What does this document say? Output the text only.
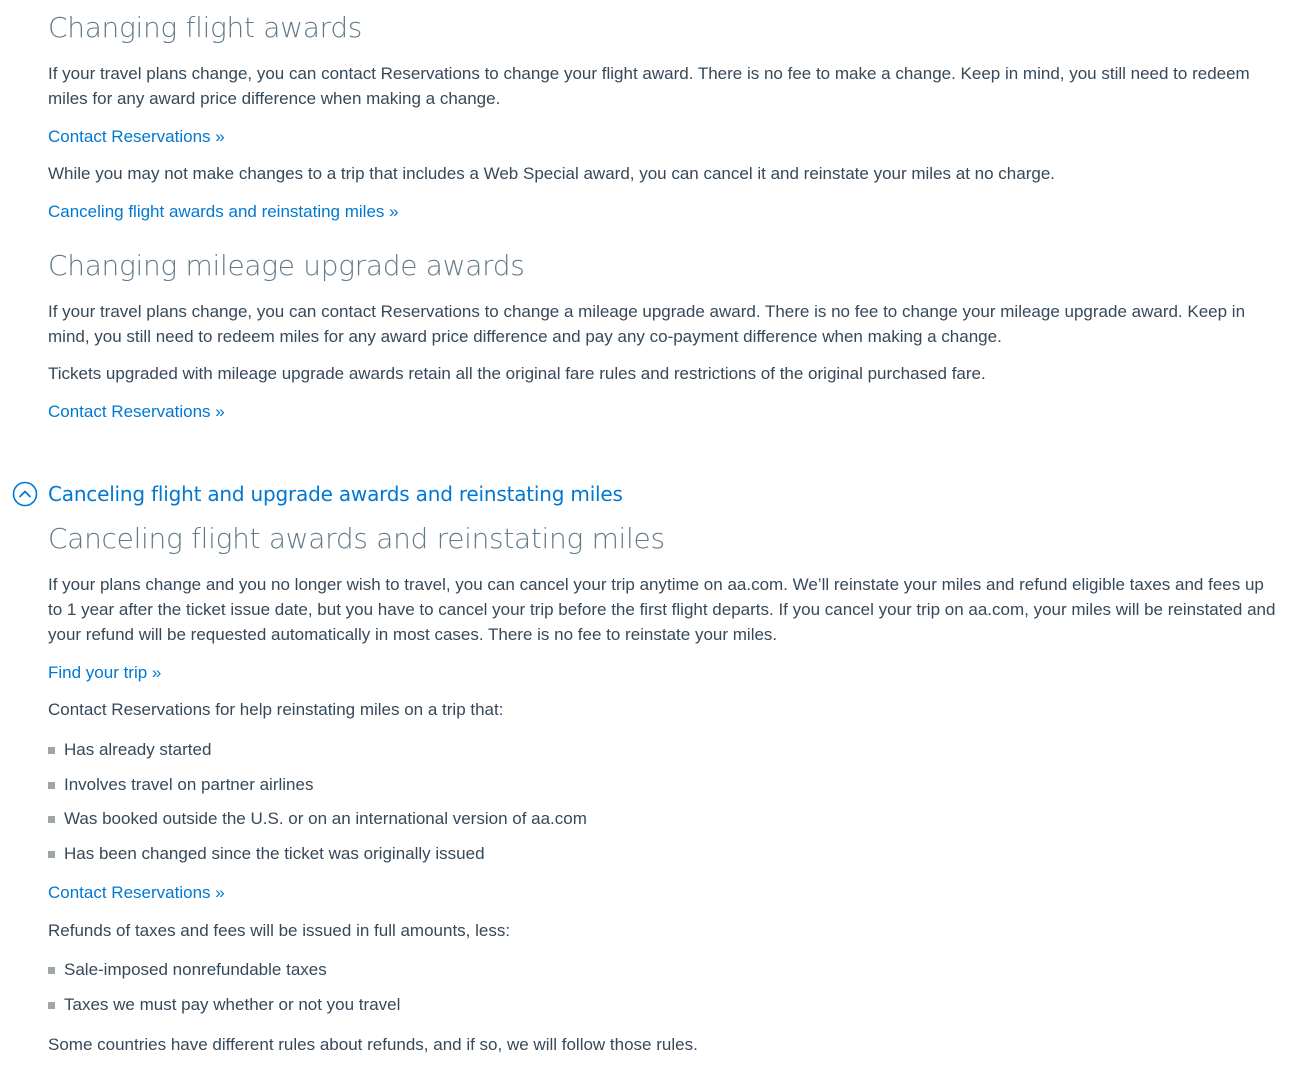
Changing flight awards

If your travel plans change, you can contact Reservations to change your flight award. There is no fee to make a change. Keep in mind, you still need to redeem miles for any award price difference when making a change.

Contact Reservations »

While you may not make changes to a trip that includes a Web Special award, you can cancel it and reinstate your miles at no charge.

Canceling flight awards and reinstating miles »
Changing mileage upgrade awards

If your travel plans change, you can contact Reservations to change a mileage upgrade award. There is no fee to change your mileage upgrade award. Keep in mind, you still need to redeem miles for any award price difference and pay any co-payment difference when making a change.

Tickets upgraded with mileage upgrade awards retain all the original fare rules and restrictions of the original purchased fare.

Contact Reservations »
Canceling flight awards and reinstating miles

If your plans change and you no longer wish to travel, you can cancel your trip anytime on aa.com. We’ll reinstate your miles and refund eligible taxes and fees up to 1 year after the ticket issue date, but you have to cancel your trip before the first flight departs. If you cancel your trip on aa.com, your miles will be reinstated and your refund will be requested automatically in most cases. There is no fee to reinstate your miles.

Find your trip »

Contact Reservations for help reinstating miles on a trip that:

Has already started
Involves travel on partner airlines
Was booked outside the U.S. or on an international version of aa.com
Has been changed since the ticket was originally issued
Contact Reservations »

Refunds of taxes and fees will be issued in full amounts, less:

Sale-imposed nonrefundable taxes
Taxes we must pay whether or not you travel

Some countries have different rules about refunds, and if so, we will follow those rules.

Canceling flight and upgrade awards and reinstating miles
